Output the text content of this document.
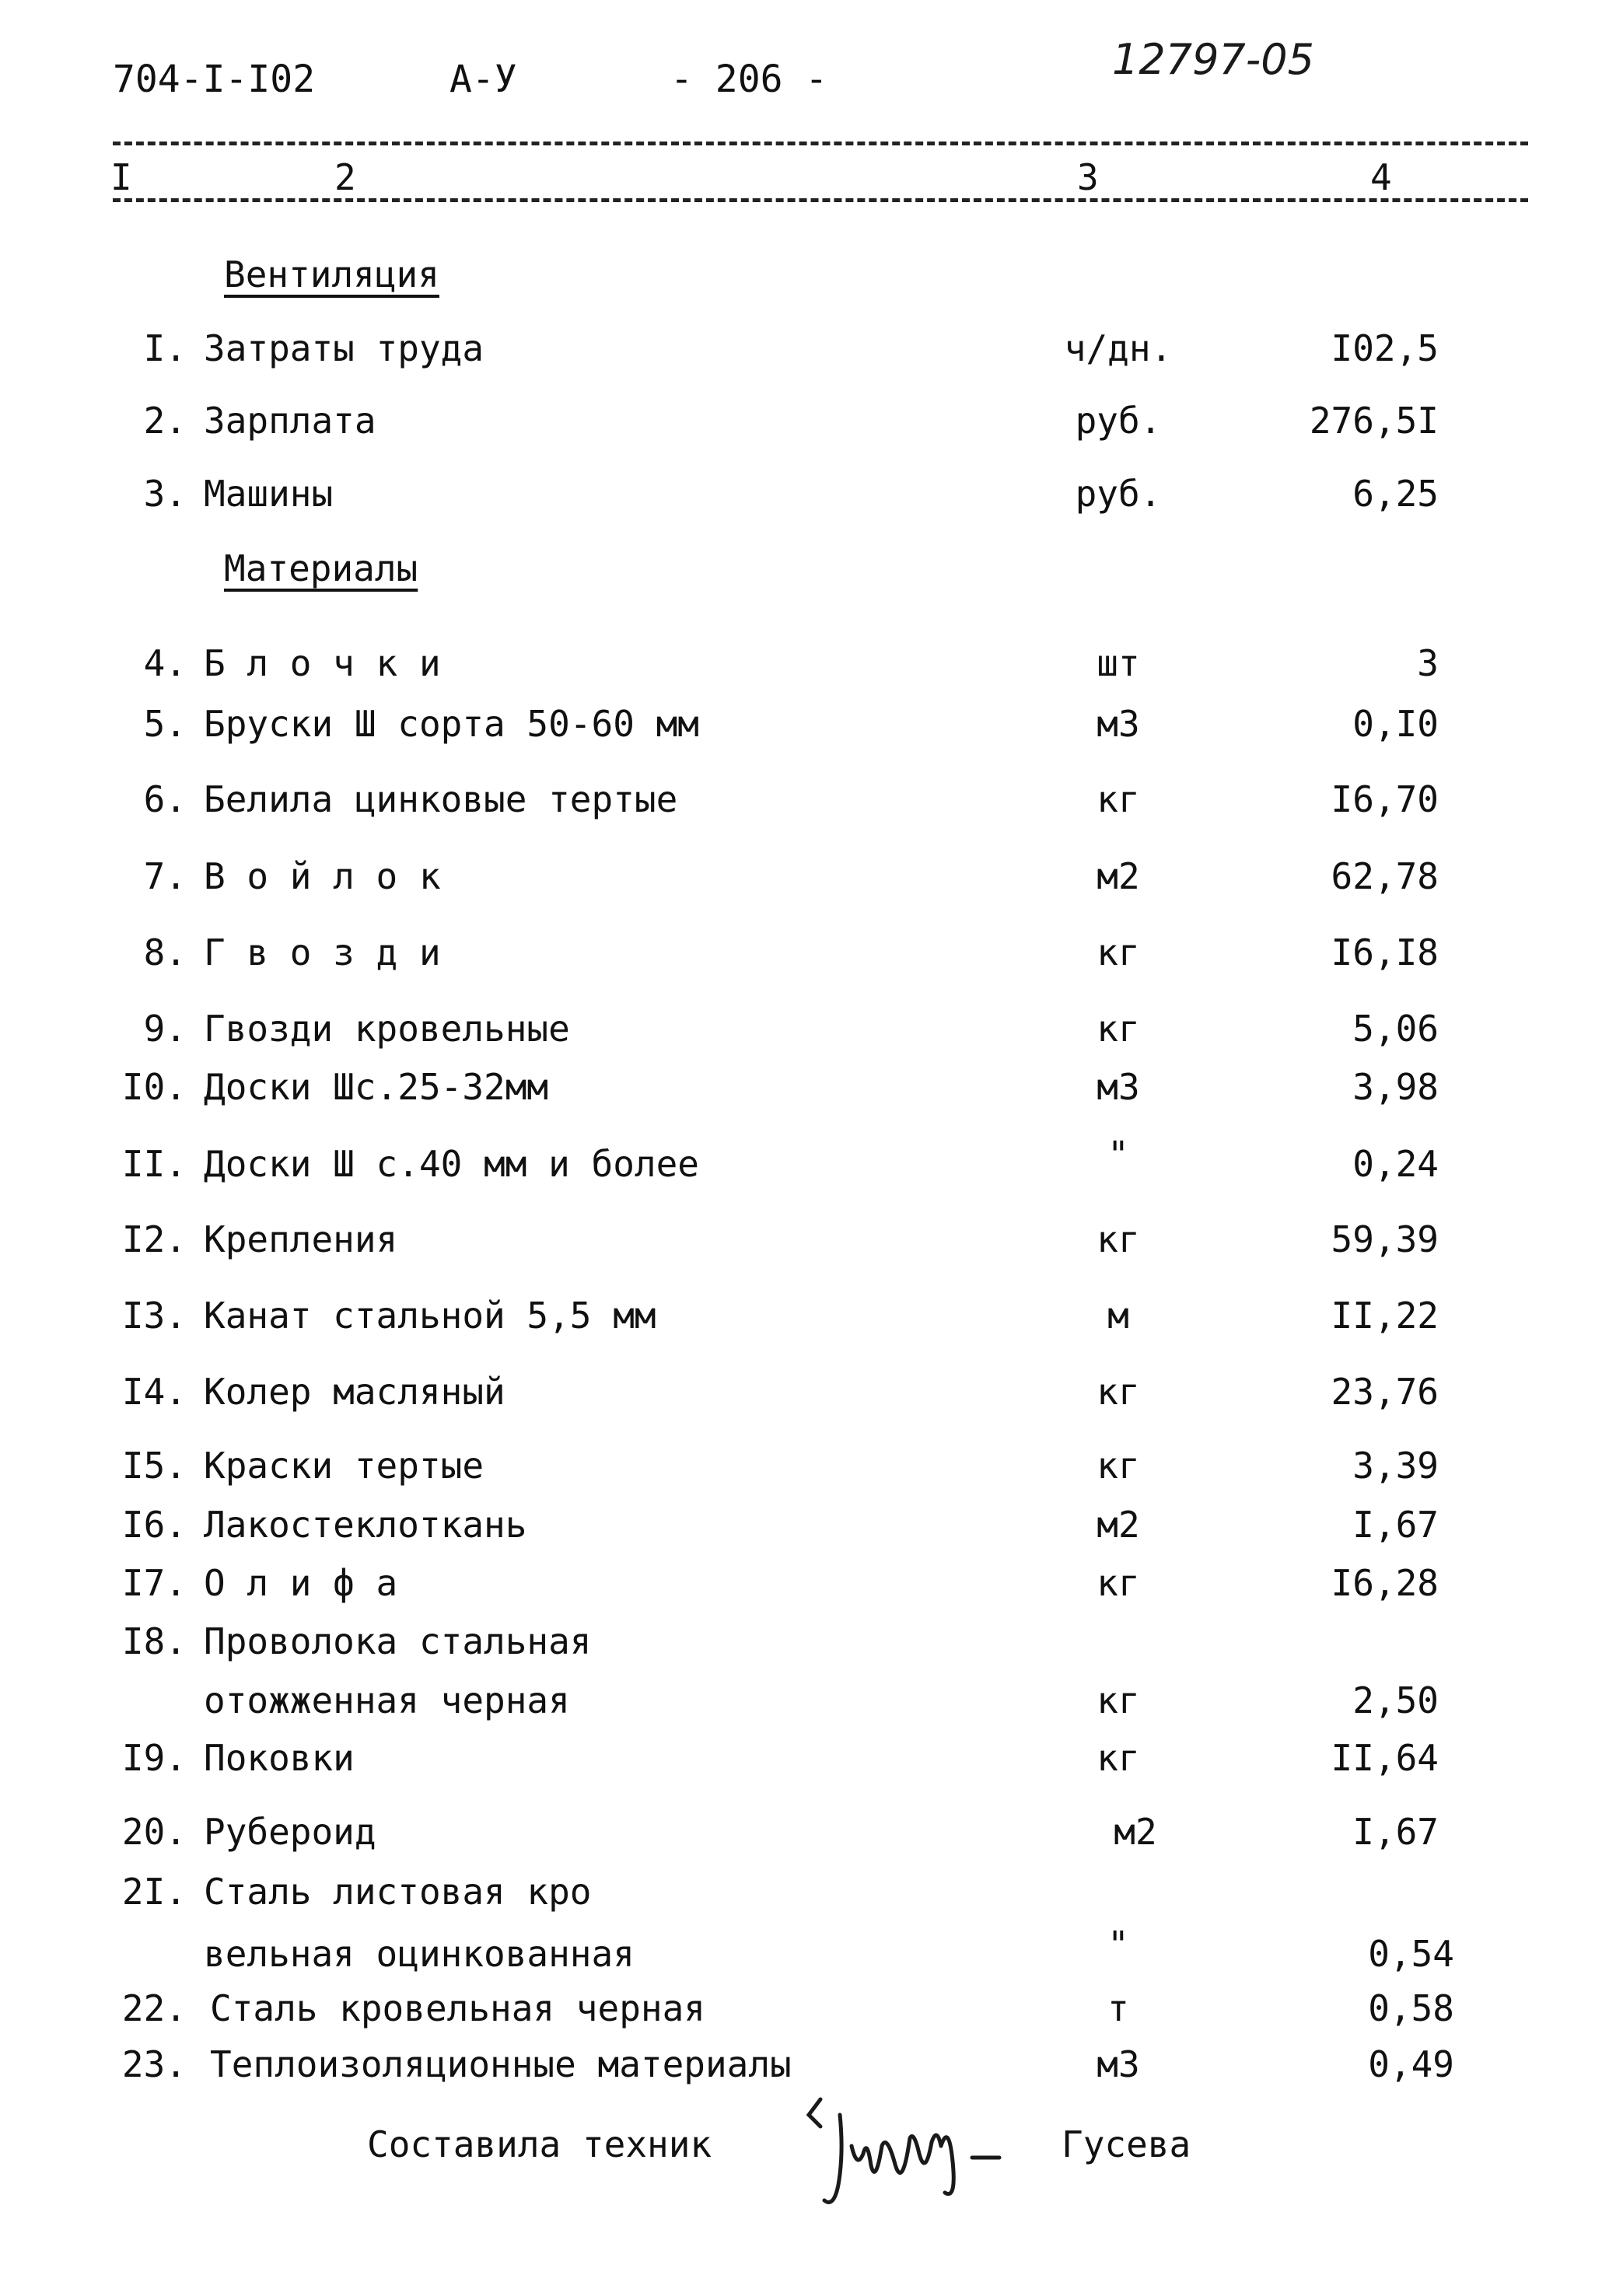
704-I-I02	А-У	- 206 -	12797-05
I	2	3	4
Вентиляция
I. Затраты труда	ч/дн.	I02,5
2. Зарплата	руб.	276,5I
3. Машины	руб.	6,25
Материалы
4. Б л о ч к и	шт	3
5. Бруски Ш сорта 50-60 мм	м3	0,I0
6. Белила цинковые тертые	кг	I6,70
7. В о й л о к	м2	62,78
8. Г в о з д и	кг	I6,I8
9. Гвозди кровельные	кг	5,06
I0. Доски Шс.25-32мм	м3	3,98
II. Доски Ш с.40 мм и более	"	0,24
I2. Крепления	кг	59,39
I3. Канат стальной 5,5 мм	м	II,22
I4. Колер масляный	кг	23,76
I5. Краски тертые	кг	3,39
I6. Лакостеклоткань	м2	I,67
I7. О л и ф а	кг	I6,28
I8. Проволока стальная
отожженная черная	кг	2,50
I9. Поковки	кг	II,64
20. Рубероид	м2	I,67
2I. Сталь листовая кро
вельная оцинкованная	"	0,54
22. Сталь кровельная черная	т	0,58
23. Теплоизоляционные материалы	м3	0,49
Составила техник	Гусева
